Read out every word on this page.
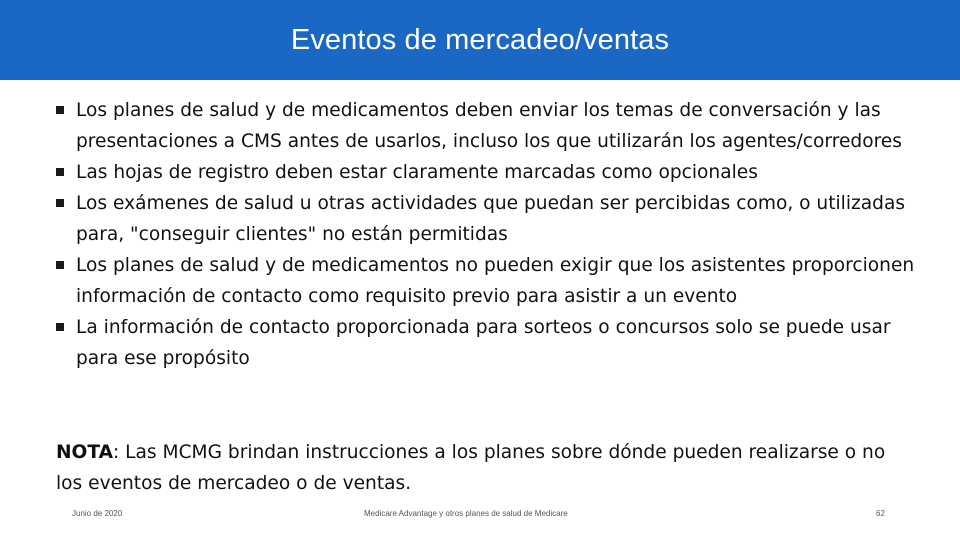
Eventos de mercadeo/ventas
Los planes de salud y de medicamentos deben enviar los temas de conversación y las presentaciones a CMS antes de usarlos, incluso los que utilizarán los agentes/corredores
Las hojas de registro deben estar claramente marcadas como opcionales
Los exámenes de salud u otras actividades que puedan ser percibidas como, o utilizadas para, "conseguir clientes" no están permitidas
Los planes de salud y de medicamentos no pueden exigir que los asistentes proporcionen información de contacto como requisito previo para asistir a un evento
La información de contacto proporcionada para sorteos o concursos solo se puede usar para ese propósito

NOTA: Las MCMG brindan instrucciones a los planes sobre dónde pueden realizarse o no los eventos de mercadeo o de ventas.

Junio de 2020	Medicare Advantage y otros planes de salud de Medicare	62
